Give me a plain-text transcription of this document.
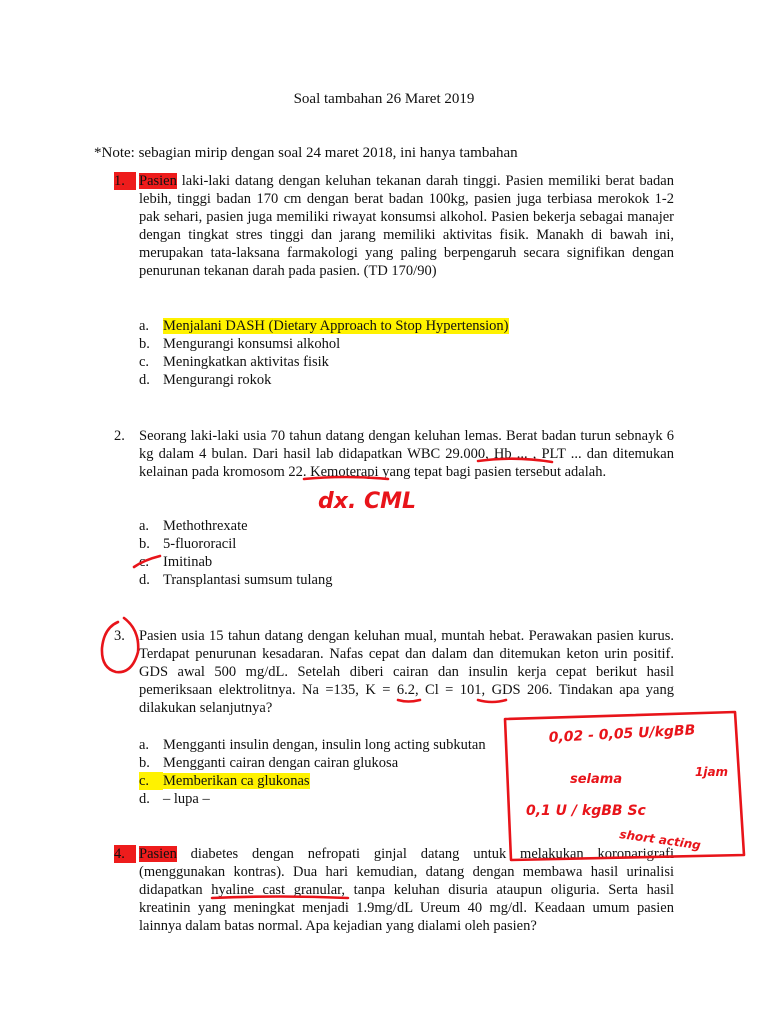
Soal tambahan 26 Maret 2019
*Note: sebagian mirip dengan soal 24 maret 2018, ini hanya tambahan
1. Pasien laki-laki datang dengan keluhan tekanan darah tinggi. Pasien memiliki berat badan lebih, tinggi badan 170 cm dengan berat badan 100kg, pasien juga terbiasa merokok 1-2 pak sehari, pasien juga memiliki riwayat konsumsi alkohol. Pasien bekerja sebagai manajer dengan tingkat stres tinggi dan jarang memiliki aktivitas fisik. Manakh di bawah ini, merupakan tata-laksana farmakologi yang paling berpengaruh secara signifikan dengan penurunan tekanan darah pada pasien. (TD 170/90)
a. Menjalani DASH (Dietary Approach to Stop Hypertension)
b. Mengurangi konsumsi alkohol
c. Meningkatkan aktivitas fisik
d. Mengurangi rokok
2. Seorang laki-laki usia 70 tahun datang dengan keluhan lemas. Berat badan turun sebnayk 6 kg dalam 4 bulan. Dari hasil lab didapatkan WBC 29.000, Hb ... , PLT ... dan ditemukan kelainan pada kromosom 22. Kemoterapi yang tepat bagi pasien tersebut adalah.
a. Methothrexate
b. 5-fluororacil
c. Imitinab
d. Transplantasi sumsum tulang
3. Pasien usia 15 tahun datang dengan keluhan mual, muntah hebat. Perawakan pasien kurus. Terdapat penurunan kesadaran. Nafas cepat dan dalam dan ditemukan keton urin positif. GDS awal 500 mg/dL. Setelah diberi cairan dan insulin kerja cepat berikut hasil pemeriksaan elektrolitnya. Na =135, K = 6.2, Cl = 101, GDS 206. Tindakan apa yang dilakukan selanjutnya?
a. Mengganti insulin dengan, insulin long acting subkutan
b. Mengganti cairan dengan cairan glukosa
c. Memberikan ca glukonas
d. – lupa –
4. Pasien diabetes dengan nefropati ginjal datang untuk melakukan koronarigrafi (menggunakan kontras). Dua hari kemudian, datang dengan membawa hasil urinalisi didapatkan hyaline cast granular, tanpa keluhan disuria ataupun oliguria. Serta hasil kreatinin yang meningkat menjadi 1.9mg/dL Ureum 40 mg/dl. Keadaan umum pasien lainnya dalam batas normal. Apa kejadian yang dialami oleh pasien?
dx. CML
0,02 - 0,05 U/kgBB
1jam
selama
0,1 U / kgBB Sc
short acting
